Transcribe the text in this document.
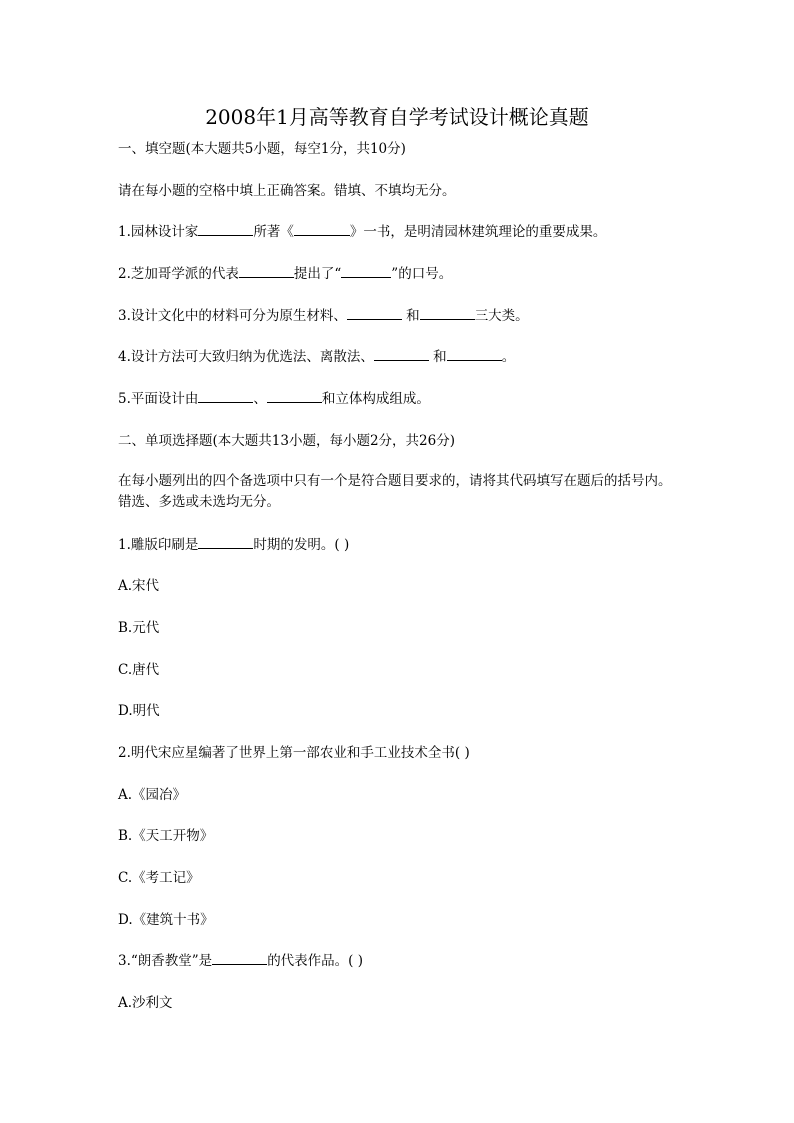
2008年1月高等教育自学考试设计概论真题
一、填空题(本大题共5小题，每空1分，共10分)
请在每小题的空格中填上正确答案。错填、不填均无分。
1.园林设计家	所著《	》一书，是明清园林建筑理论的重要成果。
2.芝加哥学派的代表	提出了“	”的口号。
3.设计文化中的材料可分为原生材料、	和	三大类。
4.设计方法可大致归纳为优选法、离散法、	和	。
5.平面设计由	、	和立体构成组成。
二、单项选择题(本大题共13小题，每小题2分，共26分)
在每小题列出的四个备选项中只有一个是符合题目要求的，请将其代码填写在题后的括号内。错选、多选或未选均无分。
1.雕版印刷是	时期的发明。( )
A.宋代
B.元代
C.唐代
D.明代
2.明代宋应星编著了世界上第一部农业和手工业技术全书( )
A.《园冶》
B.《天工开物》
C.《考工记》
D.《建筑十书》
3.“朗香教堂”是	的代表作品。( )
A.沙利文
